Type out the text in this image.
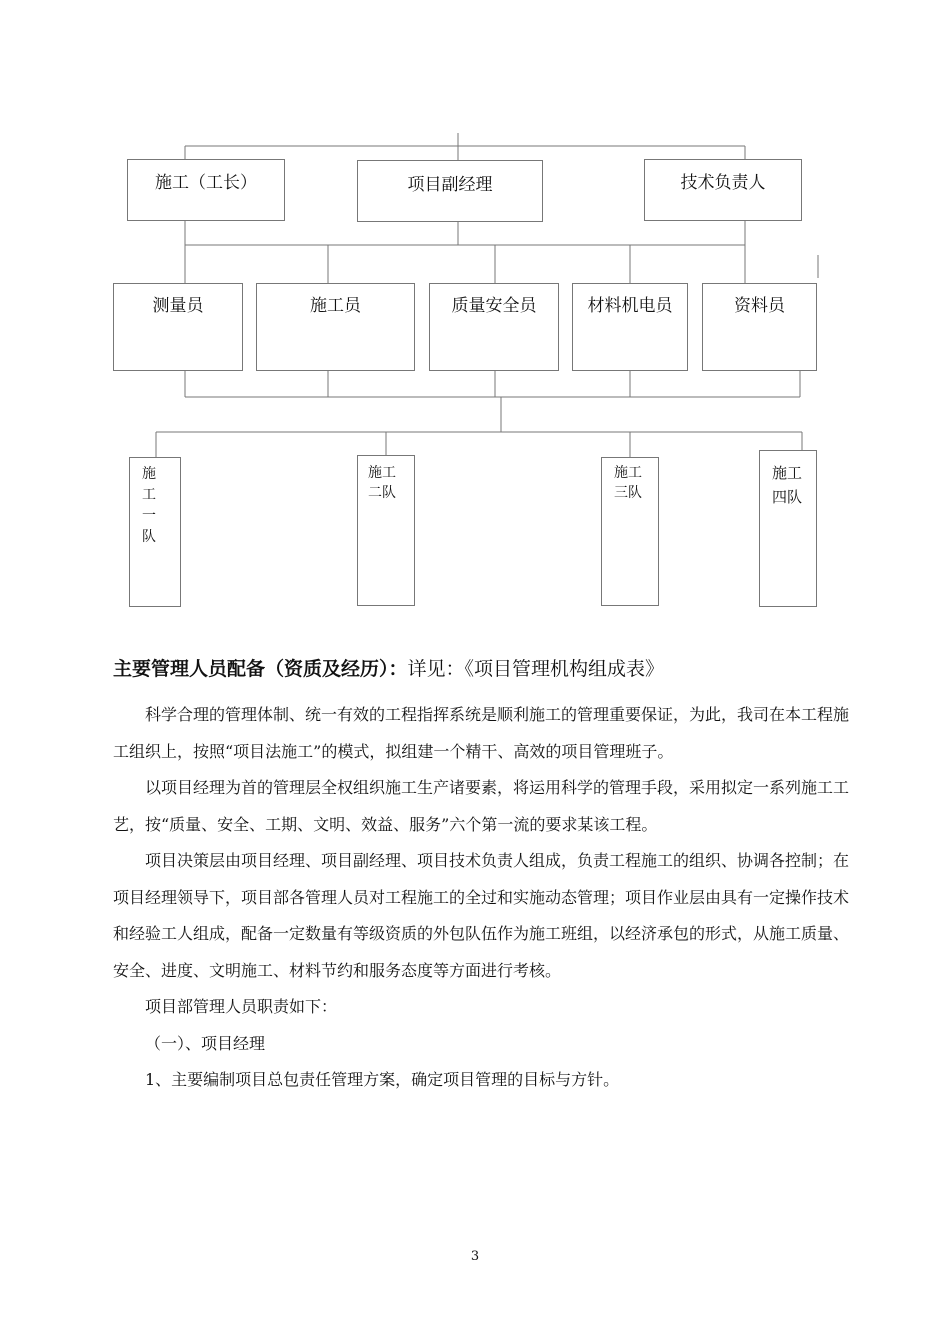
施工（工长）	项目副经理	技术负责人
测量员	施工员	质量安全员	材料机电员	资料员
施工一队
施工二队
施工三队
施工四队
主要管理人员配备（资质及经历）：详见：《项目管理机构组成表》

科学合理的管理体制、统一有效的工程指挥系统是顺利施工的管理重要保证，为此，我司在本工程施工组织上，按照“项目法施工”的模式，拟组建一个精干、高效的项目管理班子。

以项目经理为首的管理层全权组织施工生产诸要素，将运用科学的管理手段，采用拟定一系列施工工艺，按“质量、安全、工期、文明、效益、服务”六个第一流的要求某该工程。

项目决策层由项目经理、项目副经理、项目技术负责人组成，负责工程施工的组织、协调各控制；在项目经理领导下，项目部各管理人员对工程施工的全过和实施动态管理；项目作业层由具有一定操作技术和经验工人组成，配备一定数量有等级资质的外包队伍作为施工班组，以经济承包的形式，从施工质量、安全、进度、文明施工、材料节约和服务态度等方面进行考核。

项目部管理人员职责如下：

（一）、项目经理

1、主要编制项目总包责任管理方案，确定项目管理的目标与方针。

3
